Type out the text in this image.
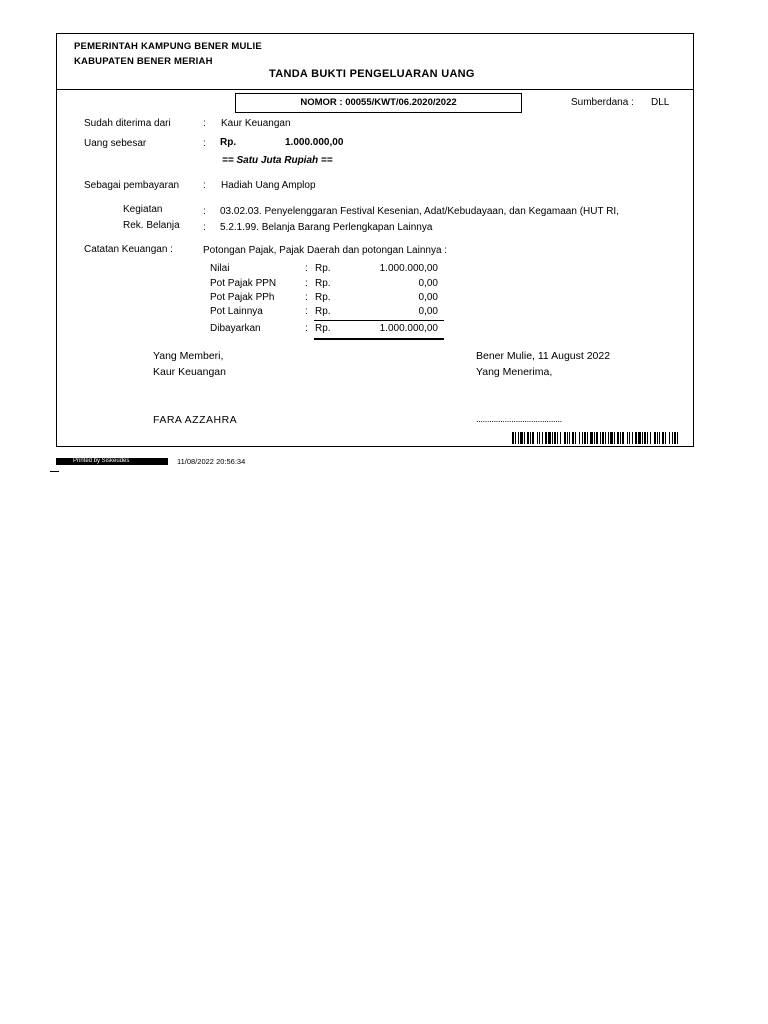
PEMERINTAH KAMPUNG BENER MULIE
KABUPATEN BENER MERIAH
TANDA BUKTI PENGELUARAN UANG
NOMOR : 00055/KWT/06.2020/2022	Sumberdana : DLL
Sudah diterima dari	: Kaur Keuangan
Uang sebesar	: Rp.	1.000.000,00
== Satu Juta Rupiah ==
Sebagai pembayaran : Hadiah Uang Amplop
Kegiatan	: 03.02.03. Penyelenggaran Festival Kesenian, Adat/Kebudayaan, dan Kegamaan (HUT RI,
Rek. Belanja : 5.2.1.99. Belanja Barang Perlengkapan Lainnya
Catatan Keuangan :	Potongan Pajak, Pajak Daerah dan potongan Lainnya :
Nilai	: Rp.	1.000.000,00
Pot Pajak PPN	: Rp.	0,00
Pot Pajak PPh	: Rp.	0,00
Pot Lainnya	: Rp.	0,00
Dibayarkan	: Rp.	1.000.000,00
Yang Memberi,
Kaur Keuangan
FARA AZZAHRA
Bener Mulie, 11 August 2022
Yang Menerima,
.......................................
Printed by Siskeudes	11/08/2022 20:56:34
